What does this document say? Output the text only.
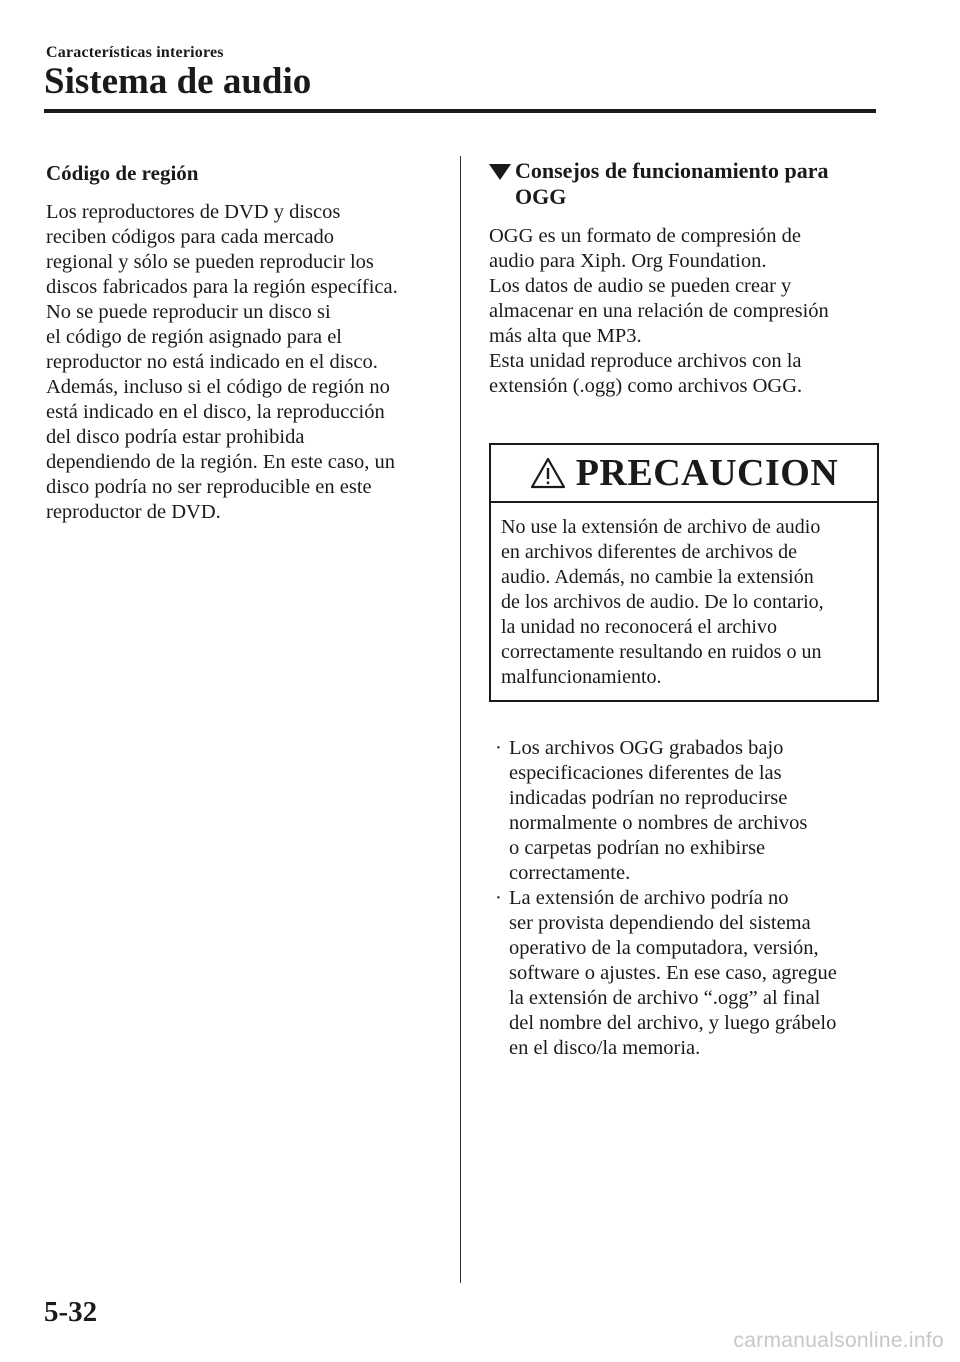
Características interiores
Sistema de audio
Código de región

Los reproductores de DVD y discos
reciben códigos para cada mercado
regional y sólo se pueden reproducir los
discos fabricados para la región específica.
No se puede reproducir un disco si
el código de región asignado para el
reproductor no está indicado en el disco.
Además, incluso si el código de región no
está indicado en el disco, la reproducción
del disco podría estar prohibida
dependiendo de la región. En este caso, un
disco podría no ser reproducible en este
reproductor de DVD.

Consejos de funcionamiento para
OGG

OGG es un formato de compresión de
audio para Xiph. Org Foundation.
Los datos de audio se pueden crear y
almacenar en una relación de compresión
más alta que MP3.
Esta unidad reproduce archivos con la
extensión (.ogg) como archivos OGG.

PRECAUCION

No use la extensión de archivo de audio
en archivos diferentes de archivos de
audio. Además, no cambie la extensión
de los archivos de audio. De lo contario,
la unidad no reconocerá el archivo
correctamente resultando en ruidos o un
malfuncionamiento.

· Los archivos OGG grabados bajo
especificaciones diferentes de las
indicadas podrían no reproducirse
normalmente o nombres de archivos
o carpetas podrían no exhibirse
correctamente.
· La extensión de archivo podría no
ser provista dependiendo del sistema
operativo de la computadora, versión,
software o ajustes. En ese caso, agregue
la extensión de archivo “.ogg” al final
del nombre del archivo, y luego grábelo
en el disco/la memoria.
5-32
carmanualsonline.info
